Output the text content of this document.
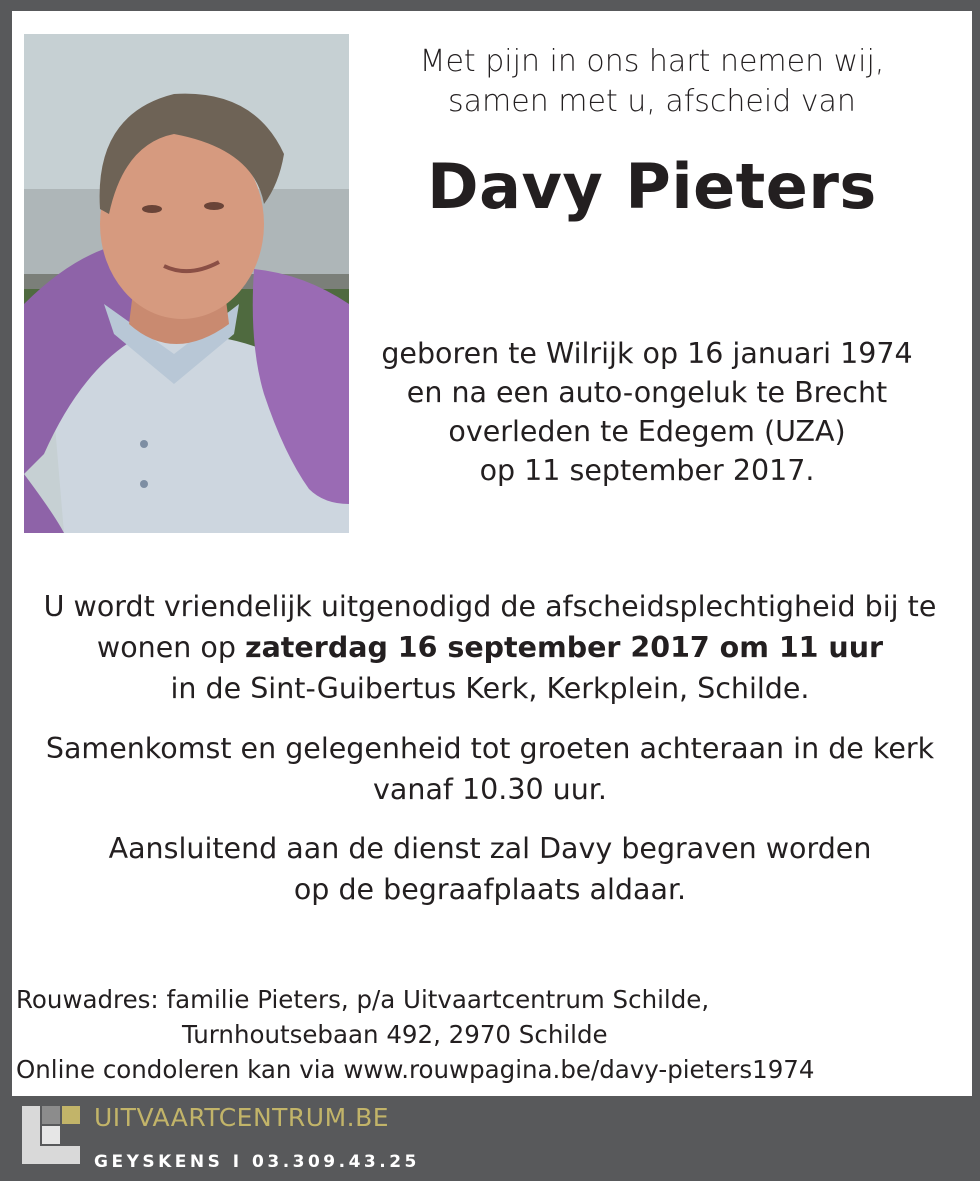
Met pijn in ons hart nemen wij,
samen met u, afscheid van
Davy Pieters
geboren te Wilrijk op 16 januari 1974
en na een auto-ongeluk te Brecht
overleden te Edegem (UZA)
op 11 september 2017.
U wordt vriendelijk uitgenodigd de afscheidsplechtigheid bij te
wonen op zaterdag 16 september 2017 om 11 uur
in de Sint-Guibertus Kerk, Kerkplein, Schilde.
Samenkomst en gelegenheid tot groeten achteraan in de kerk
vanaf 10.30 uur.
Aansluitend aan de dienst zal Davy begraven worden
op de begraafplaats aldaar.
Rouwadres: familie Pieters, p/a Uitvaartcentrum Schilde,
Turnhoutsebaan 492, 2970 Schilde
Online condoleren kan via www.rouwpagina.be/davy-pieters1974
UITVAARTCENTRUM.BE
GEYSKENS I 03.309.43.25
